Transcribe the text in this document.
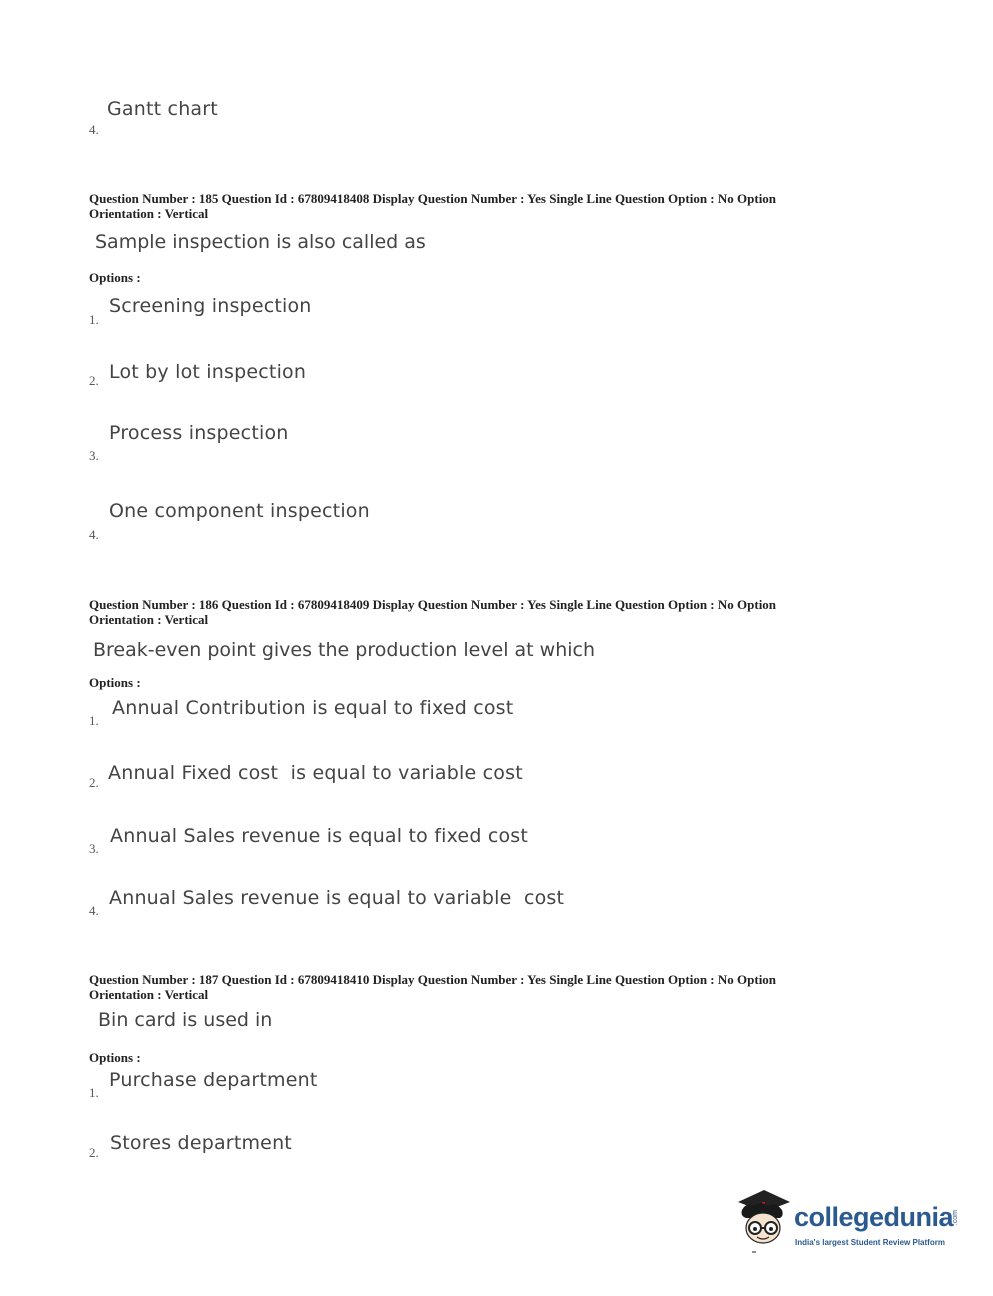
Gantt chart
4.
Question Number : 185 Question Id : 67809418408 Display Question Number : Yes Single Line Question Option : No Option
Orientation : Vertical
Sample inspection is also called as
Options :
Screening inspection
1.
Lot by lot inspection
2.
Process inspection
3.
One component inspection
4.
Question Number : 186 Question Id : 67809418409 Display Question Number : Yes Single Line Question Option : No Option
Orientation : Vertical
Break-even point gives the production level at which
Options :
Annual Contribution is equal to fixed cost
1.
Annual Fixed cost  is equal to variable cost
2.
Annual Sales revenue is equal to fixed cost
3.
Annual Sales revenue is equal to variable  cost
4.
Question Number : 187 Question Id : 67809418410 Display Question Number : Yes Single Line Question Option : No Option
Orientation : Vertical
Bin card is used in
Options :
Purchase department
1.
Stores department
2.
collegedunia
.com
India's largest Student Review Platform
